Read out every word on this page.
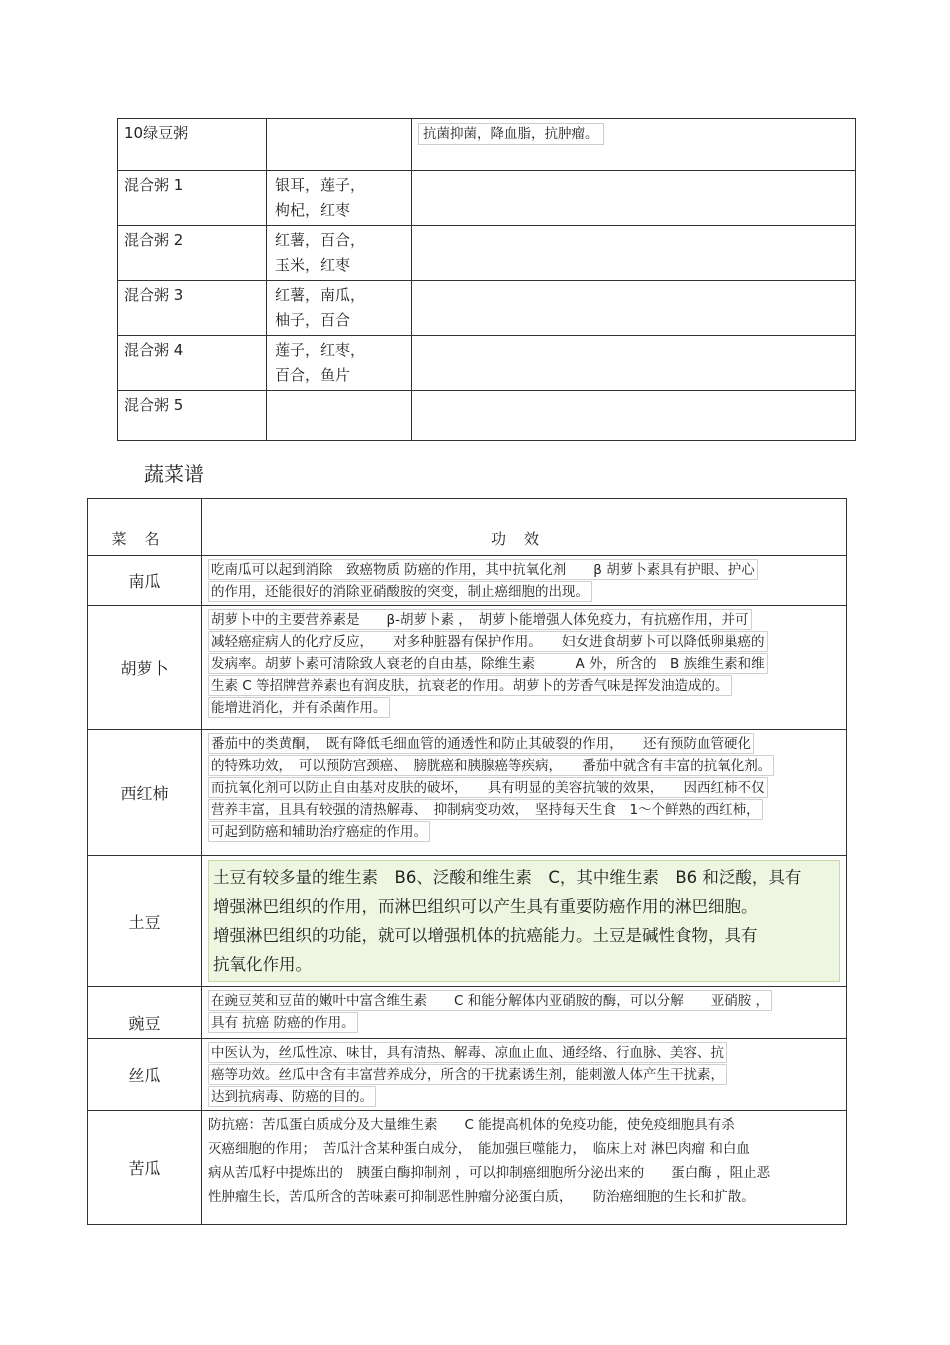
10绿豆粥		抗菌抑菌，降血脂，抗肿瘤。
混合粥 1	银耳，莲子，
枸杞，红枣	

混合粥 2	红薯，百合，
玉米，红枣	

混合粥 3	红薯，南瓜，
柚子，百合	

混合粥 4	莲子，红枣，
百合，鱼片	

混合粥 5		
蔬菜谱
菜名	功效
南瓜	吃南瓜可以起到消除　致癌物质 防癌的作用，其中抗氧化剂　　β 胡萝卜素具有护眼、护心
的作用，还能很好的消除亚硝酸胺的突变，制止癌细胞的出现。

胡萝卜	胡萝卜中的主要营养素是　　β-胡萝卜素 ，　胡萝卜能增强人体免疫力，有抗癌作用，并可
减轻癌症病人的化疗反应，　　对多种脏器有保护作用。　　妇女进食胡萝卜可以降低卵巢癌的
发病率。胡萝卜素可清除致人衰老的自由基，除维生素　　　A 外，所含的　B 族维生素和维
生素 C 等招牌营养素也有润皮肤，抗衰老的作用。胡萝卜的芳香气味是挥发油造成的。
能增进消化，并有杀菌作用。

西红柿	番茄中的类黄酮，　既有降低毛细血管的通透性和防止其破裂的作用，　　还有预防血管硬化
的特殊功效，　可以预防宫颈癌、　膀胱癌和胰腺癌等疾病，　　番茄中就含有丰富的抗氧化剂。
而抗氧化剂可以防止自由基对皮肤的破坏，　　具有明显的美容抗皱的效果，　　因西红柿不仅
营养丰富，且具有较强的清热解毒、　抑制病变功效，　坚持每天生食　1～个鲜熟的西红柿，
可起到防癌和辅助治疗癌症的作用。

土豆	土豆有较多量的维生素　B6、泛酸和维生素　C，其中维生素　B6 和泛酸，具有
增强淋巴组织的作用，而淋巴组织可以产生具有重要防癌作用的淋巴细胞。
增强淋巴组织的功能，就可以增强机体的抗癌能力。土豆是碱性食物，具有
抗氧化作用。

豌豆	在豌豆荚和豆苗的嫩叶中富含维生素　　C 和能分解体内亚硝胺的酶，可以分解　　亚硝胺 ，
具有 抗癌 防癌的作用。

丝瓜	中医认为，丝瓜性凉、味甘，具有清热、解毒、凉血止血、通经络、行血脉、美容、抗
癌等功效。丝瓜中含有丰富营养成分，所含的干扰素诱生剂，能刺激人体产生干扰素，
达到抗病毒、防癌的目的。

苦瓜	防抗癌：苦瓜蛋白质成分及大量维生素　　C 能提高机体的免疫功能，使免疫细胞具有杀
灭癌细胞的作用；　苦瓜汁含某种蛋白成分，　能加强巨噬能力，　临床上对 淋巴肉瘤 和白血
病从苦瓜籽中提炼出的　胰蛋白酶抑制剂 ，可以抑制癌细胞所分泌出来的　　蛋白酶 ，阻止恶
性肿瘤生长，苦瓜所含的苦味素可抑制恶性肿瘤分泌蛋白质，　　防治癌细胞的生长和扩散。
